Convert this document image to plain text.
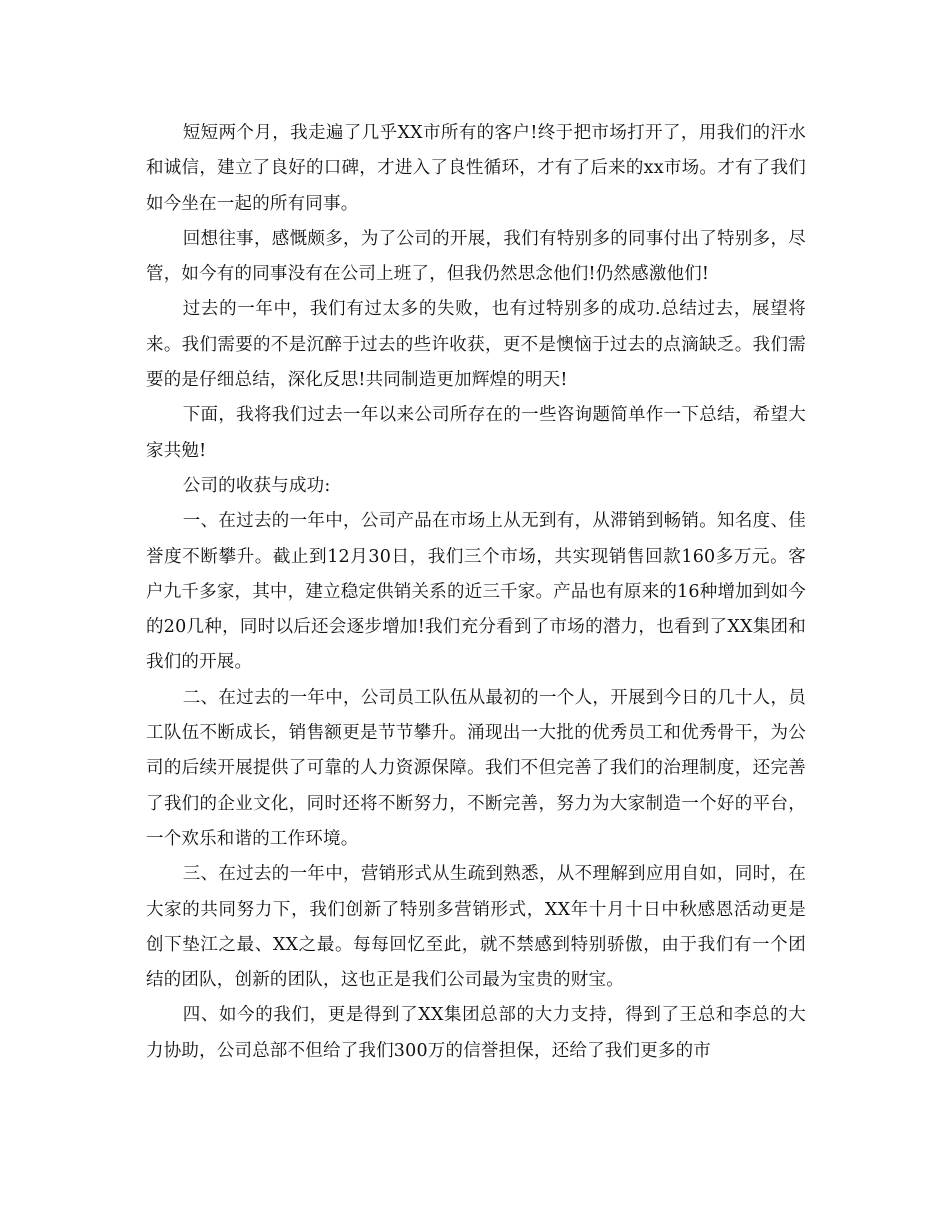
短短两个月，我走遍了几乎XX市所有的客户!终于把市场打开了，用我们的汗水和诚信，建立了良好的口碑，才进入了良性循环，才有了后来的xx市场。才有了我们如今坐在一起的所有同事。

回想往事，感慨颇多，为了公司的开展，我们有特别多的同事付出了特别多，尽管，如今有的同事没有在公司上班了，但我仍然思念他们!仍然感激他们!

过去的一年中，我们有过太多的失败，也有过特别多的成功.总结过去，展望将来。我们需要的不是沉醉于过去的些许收获，更不是懊恼于过去的点滴缺乏。我们需要的是仔细总结，深化反思!共同制造更加辉煌的明天!

下面，我将我们过去一年以来公司所存在的一些咨询题简单作一下总结，希望大家共勉!

公司的收获与成功:

一、在过去的一年中，公司产品在市场上从无到有，从滞销到畅销。知名度、佳誉度不断攀升。截止到12月30日，我们三个市场，共实现销售回款160多万元。客户九千多家，其中，建立稳定供销关系的近三千家。产品也有原来的16种增加到如今的20几种，同时以后还会逐步增加!我们充分看到了市场的潜力，也看到了XX集团和我们的开展。

二、在过去的一年中，公司员工队伍从最初的一个人，开展到今日的几十人，员工队伍不断成长，销售额更是节节攀升。涌现出一大批的优秀员工和优秀骨干，为公司的后续开展提供了可靠的人力资源保障。我们不但完善了我们的治理制度，还完善了我们的企业文化，同时还将不断努力，不断完善，努力为大家制造一个好的平台，一个欢乐和谐的工作环境。

三、在过去的一年中，营销形式从生疏到熟悉，从不理解到应用自如，同时，在大家的共同努力下，我们创新了特别多营销形式，XX年十月十日中秋感恩活动更是创下垫江之最、XX之最。每每回忆至此，就不禁感到特别骄傲，由于我们有一个团结的团队，创新的团队，这也正是我们公司最为宝贵的财宝。

四、如今的我们，更是得到了XX集团总部的大力支持，得到了王总和李总的大力协助，公司总部不但给了我们300万的信誉担保，还给了我们更多的市
